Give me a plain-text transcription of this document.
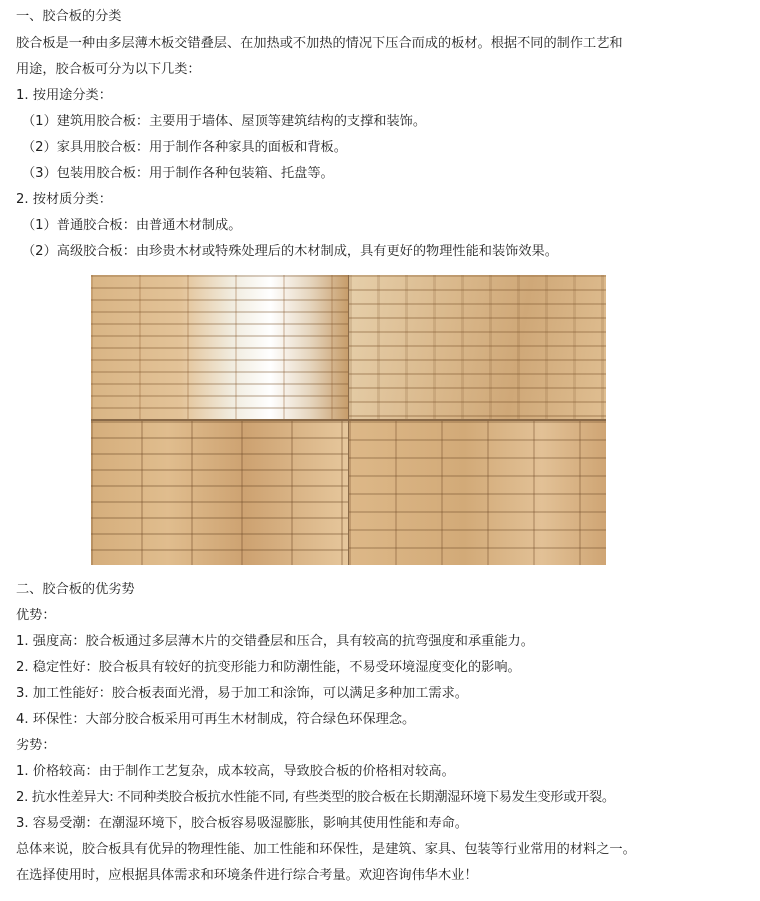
一、胶合板的分类
胶合板是一种由多层薄木板交错叠层、在加热或不加热的情况下压合而成的板材。根据不同的制作工艺和
用途，胶合板可分为以下几类：
1. 按用途分类：
（1）建筑用胶合板：主要用于墙体、屋顶等建筑结构的支撑和装饰。
（2）家具用胶合板：用于制作各种家具的面板和背板。
（3）包装用胶合板：用于制作各种包装箱、托盘等。
2. 按材质分类：
（1）普通胶合板：由普通木材制成。
（2）高级胶合板：由珍贵木材或特殊处理后的木材制成，具有更好的物理性能和装饰效果。
二、胶合板的优劣势
优势：
1. 强度高：胶合板通过多层薄木片的交错叠层和压合，具有较高的抗弯强度和承重能力。
2. 稳定性好：胶合板具有较好的抗变形能力和防潮性能，不易受环境湿度变化的影响。
3. 加工性能好：胶合板表面光滑，易于加工和涂饰，可以满足多种加工需求。
4. 环保性：大部分胶合板采用可再生木材制成，符合绿色环保理念。
劣势：
1. 价格较高：由于制作工艺复杂，成本较高，导致胶合板的价格相对较高。
2. 抗水性差异大: 不同种类胶合板抗水性能不同, 有些类型的胶合板在长期潮湿环境下易发生变形或开裂。
3. 容易受潮：在潮湿环境下，胶合板容易吸湿膨胀，影响其使用性能和寿命。
总体来说，胶合板具有优异的物理性能、加工性能和环保性，是建筑、家具、包装等行业常用的材料之一。
在选择使用时，应根据具体需求和环境条件进行综合考量。欢迎咨询伟华木业！
